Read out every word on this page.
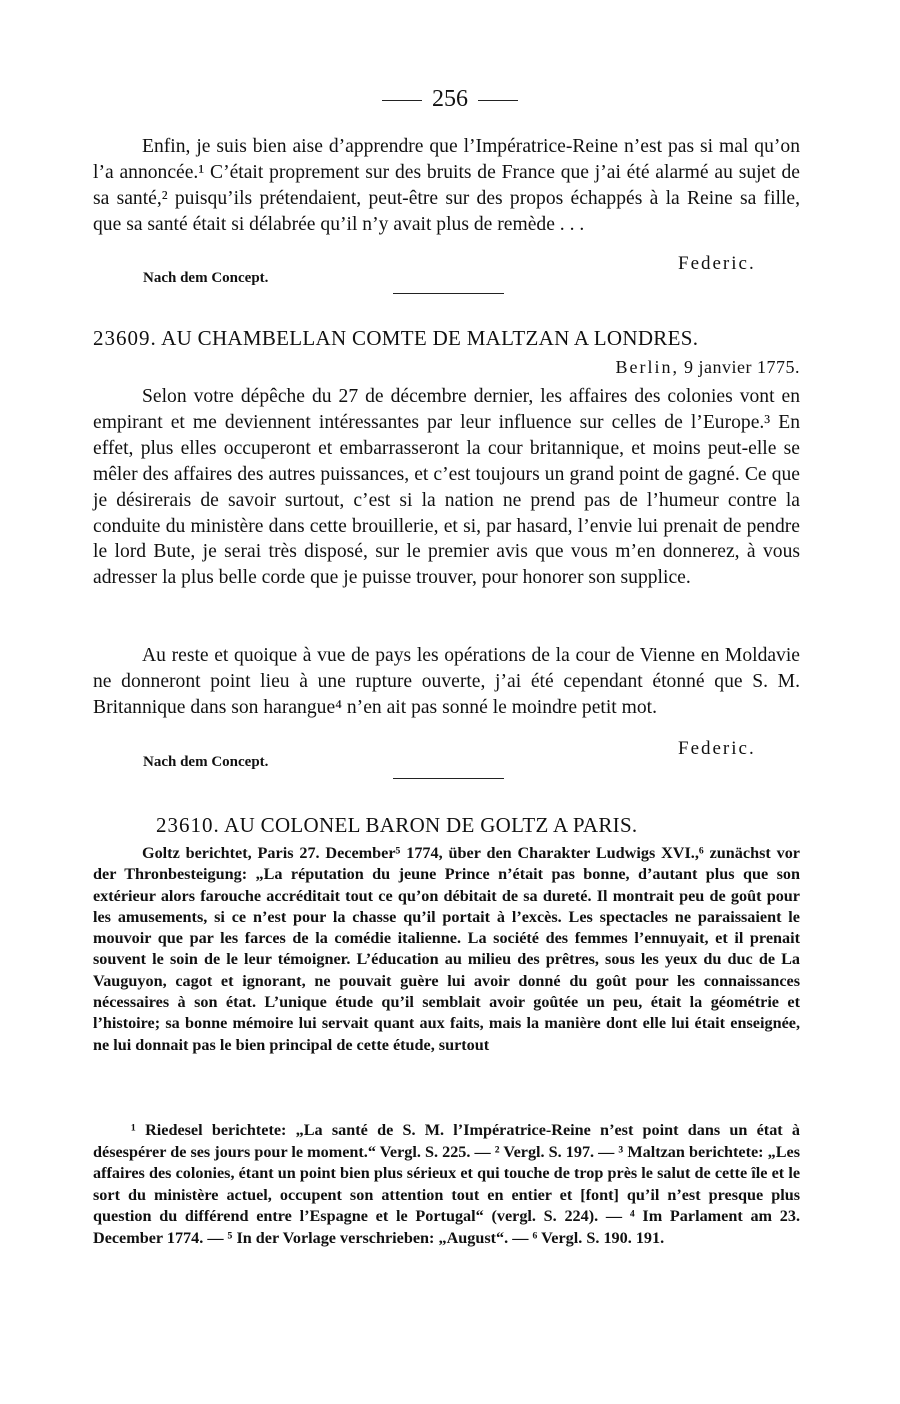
256

Enfin, je suis bien aise d’apprendre que l’Impératrice-Reine n’est pas si mal qu’on l’a annoncée.¹ C’était proprement sur des bruits de France que j’ai été alarmé au sujet de sa santé,² puisqu’ils prétendaient, peut-être sur des propos échappés à la Reine sa fille, que sa santé était si délabrée qu’il n’y avait plus de remède . . .

Federic.
Nach dem Concept.
23609. AU CHAMBELLAN COMTE DE MALTZAN A LONDRES.
Berlin, 9 janvier 1775.

Selon votre dépêche du 27 de décembre dernier, les affaires des colonies vont en empirant et me deviennent intéressantes par leur influence sur celles de l’Europe.³ En effet, plus elles occuperont et embarrasseront la cour britannique, et moins peut-elle se mêler des affaires des autres puissances, et c’est toujours un grand point de gagné. Ce que je désirerais de savoir surtout, c’est si la nation ne prend pas de l’humeur contre la conduite du ministère dans cette brouillerie, et si, par hasard, l’envie lui prenait de pendre le lord Bute, je serai très disposé, sur le premier avis que vous m’en donnerez, à vous adresser la plus belle corde que je puisse trouver, pour honorer son supplice.

Au reste et quoique à vue de pays les opérations de la cour de Vienne en Moldavie ne donneront point lieu à une rupture ouverte, j’ai été cependant étonné que S. M. Britannique dans son harangue⁴ n’en ait pas sonné le moindre petit mot.

Federic.
Nach dem Concept.
23610. AU COLONEL BARON DE GOLTZ A PARIS.

Goltz berichtet, Paris 27. December⁵ 1774, über den Charakter Ludwigs XVI.,⁶ zunächst vor der Thronbesteigung: „La réputation du jeune Prince n’était pas bonne, d’autant plus que son extérieur alors farouche accréditait tout ce qu’on débitait de sa dureté. Il montrait peu de goût pour les amusements, si ce n’est pour la chasse qu’il portait à l’excès. Les spectacles ne paraissaient le mouvoir que par les farces de la comédie italienne. La société des femmes l’ennuyait, et il prenait souvent le soin de le leur témoigner. L’éducation au milieu des prêtres, sous les yeux du duc de La Vauguyon, cagot et ignorant, ne pouvait guère lui avoir donné du goût pour les connaissances nécessaires à son état. L’unique étude qu’il semblait avoir goûtée un peu, était la géométrie et l’histoire; sa bonne mémoire lui servait quant aux faits, mais la manière dont elle lui était enseignée, ne lui donnait pas le bien principal de cette étude, surtout

¹ Riedesel berichtete: „La santé de S. M. l’Impératrice-Reine n’est point dans un état à désespérer de ses jours pour le moment.“ Vergl. S. 225. — ² Vergl. S. 197. — ³ Maltzan berichtete: „Les affaires des colonies, étant un point bien plus sérieux et qui touche de trop près le salut de cette île et le sort du ministère actuel, occupent son attention tout en entier et [font] qu’il n’est presque plus question du différend entre l’Espagne et le Portugal“ (vergl. S. 224). — ⁴ Im Parlament am 23. December 1774. — ⁵ In der Vorlage verschrieben: „August“. — ⁶ Vergl. S. 190. 191.
